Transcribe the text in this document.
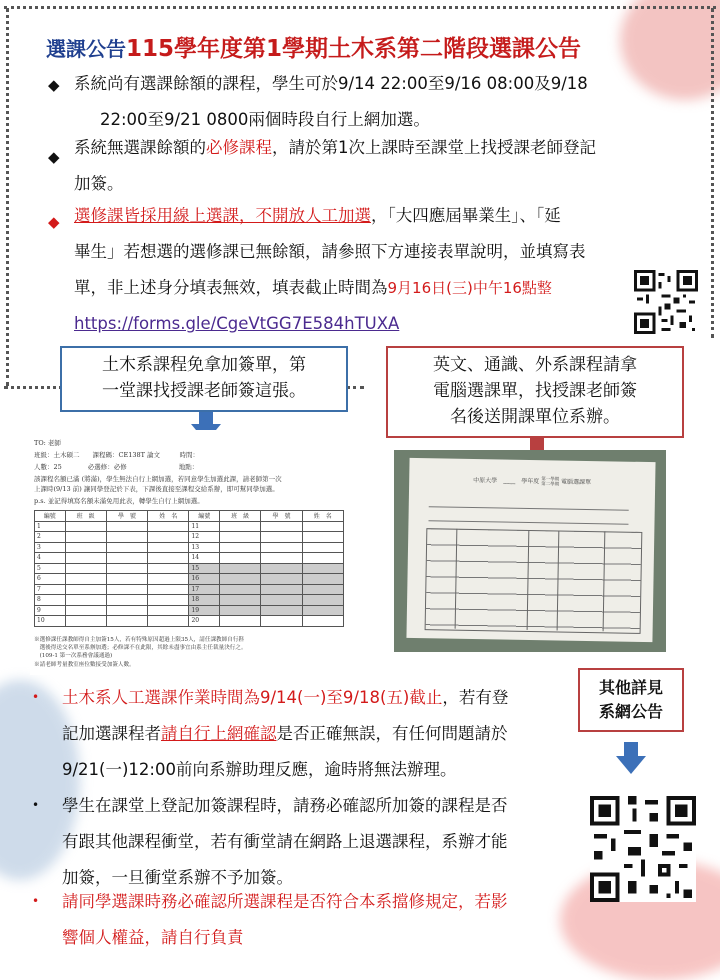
選課公告115學年度第1學期土木系第二階段選課公告
◆ 系統尚有選課餘額的課程，學生可於9/14 22:00至9/16 08:00及9/18
22:00至9/21 0800兩個時段自行上網加選。
◆ 系統無選課餘額的必修課程，請於第1次上課時至課堂上找授課老師登記
加簽。
◆ 選修課皆採用線上選課，不開放人工加選，「大四應屆畢業生」、「延
畢生」若想選的選修課已無餘額，請參照下方連接表單說明，並填寫表
單，非上述身分填表無效，填表截止時間為9月16日(三)中午16點整
https://forms.gle/CgeVtGG7E584hTUXA
土木系課程免拿加簽單，第
一堂課找授課老師簽這張。
英文、通識、外系課程請拿
電腦選課單，找授課老師簽
名後送開課單位系辦。
TO: 老師
班級：土木碩二　　課程碼：CE138T 論文　　　時間：
人數：25　　　　必選修：必修　　　　　　　　地點：
該課程名額已滿 (將滿)，學生無法自行上網加選，若同意學生加選此課，請老師第一次
上課時(9/13 前) 讓同學登記於下表，下課後直接至課程交給系辦，即可幫同學加選。
p.s. 並記得填寫名額未滿免用此表，轉學生自行上網加選。
編號	班　級	學　號	姓　名	編號	班　級	學　號	姓　名
1				11			
2				12			
3				13			
4				14			
5				15			
6				16			
7				17			
8				18			
9				19			
10				20			
※選修課任課教師得自主加簽15人，若有特殊原因超過上限35人，請任課教師自行斟
　選後得送交名單至系辦加選；必修課不在此限，其餘未盡事宜由系主任裁量決行之。
　(109-1 第一次系務會議通過)
※請老師考量教室座位數接受加簽人數。
中原大學　____　學年度 第一學期
第二學期 電腦選課單
• 土木系人工選課作業時間為9/14(一)至9/18(五)截止，若有登
記加選課程者請自行上網確認是否正確無誤，有任何問題請於
9/21(一)12:00前向系辦助理反應，逾時將無法辦理。
• 學生在課堂上登記加簽課程時，請務必確認所加簽的課程是否
有跟其他課程衝堂，若有衝堂請在網路上退選課程，系辦才能
加簽，一旦衝堂系辦不予加簽。
• 請同學選課時務必確認所選課程是否符合本系擋修規定，若影
響個人權益，請自行負責
其他詳見
系網公告
